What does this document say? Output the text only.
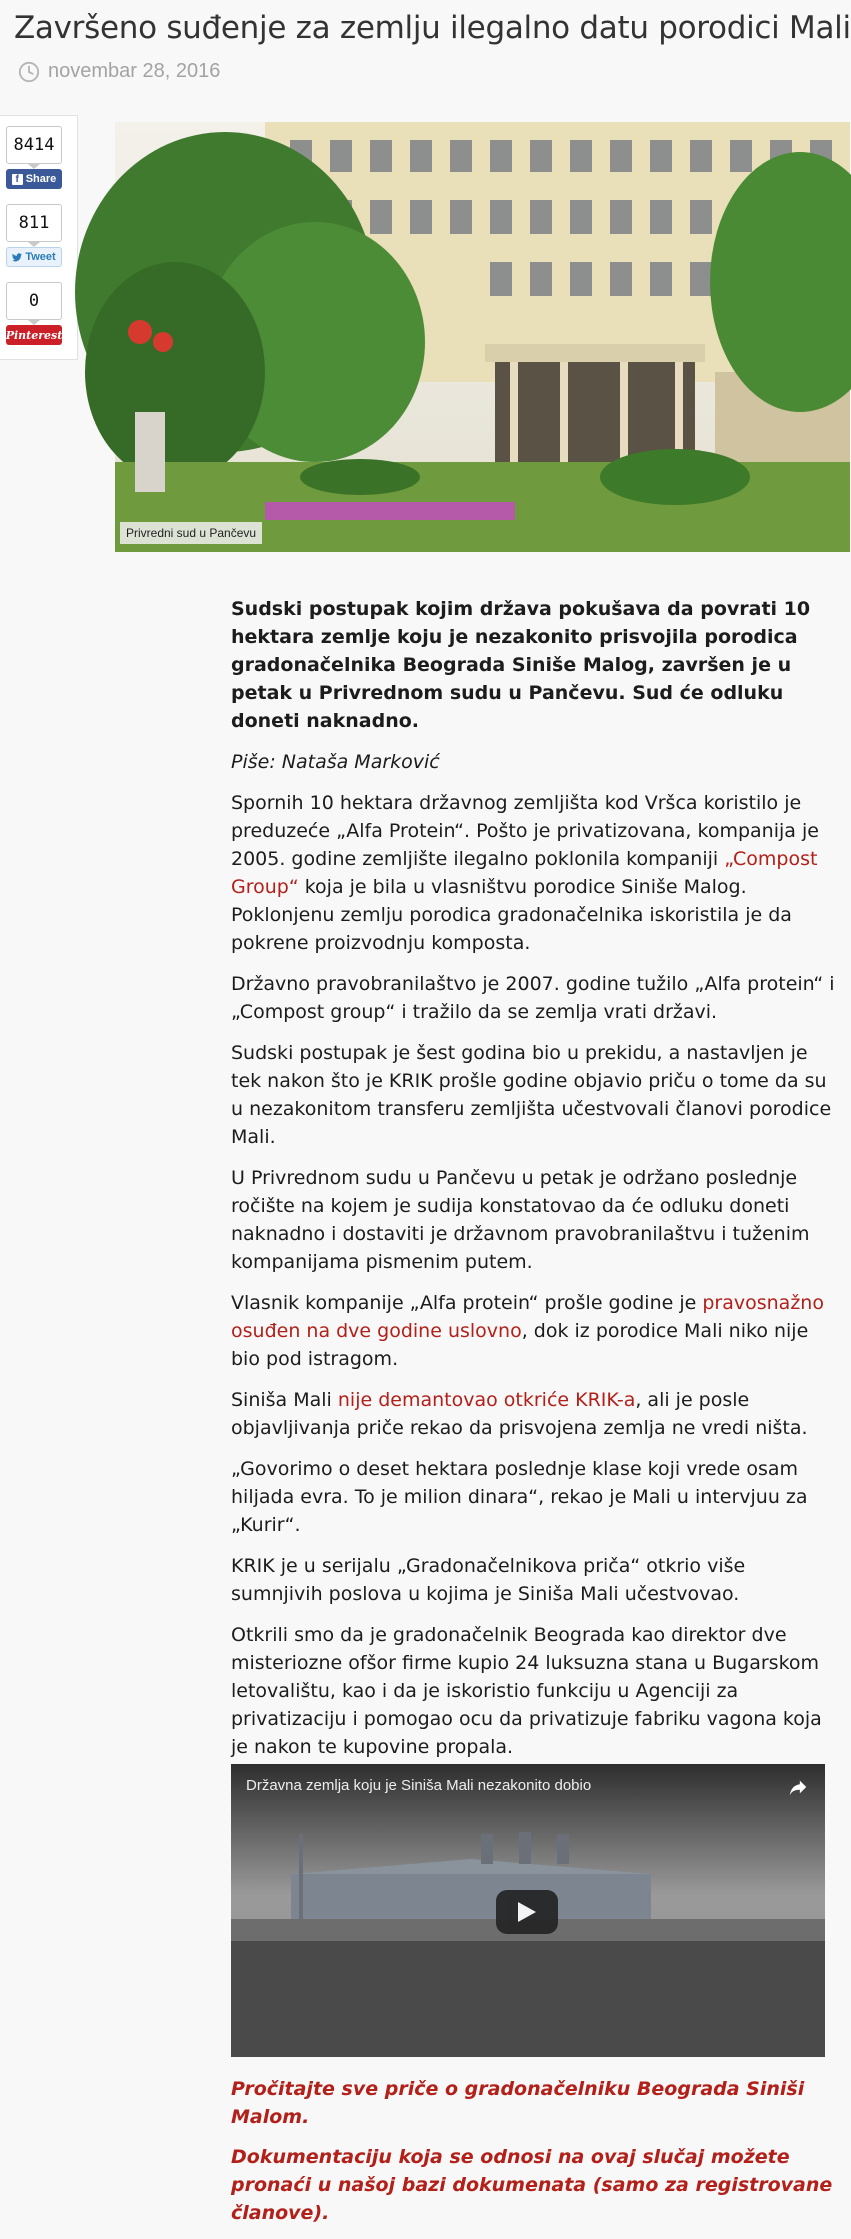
Završeno suđenje za zemlju ilegalno datu porodici Mali
novembar 28, 2016
8414
f Share
811
Tweet
0
Pinterest
Privredni sud u Pančevu

Sudski postupak kojim država pokušava da povrati 10 hektara zemlje koju je nezakonito prisvojila porodica gradonačelnika Beograda Siniše Malog, završen je u petak u Privrednom sudu u Pančevu. Sud će odluku doneti naknadno.

Piše: Nataša Marković

Spornih 10 hektara državnog zemljišta kod Vršca koristilo je preduzeće „Alfa Protein“. Pošto je privatizovana, kompanija je 2005. godine zemljište ilegalno poklonila kompaniji „Compost Group“ koja je bila u vlasništvu porodice Siniše Malog. Poklonjenu zemlju porodica gradonačelnika iskoristila je da pokrene proizvodnju komposta.

Državno pravobranilaštvo je 2007. godine tužilo „Alfa protein“ i „Compost group“ i tražilo da se zemlja vrati državi.

Sudski postupak je šest godina bio u prekidu, a nastavljen je tek nakon što je KRIK prošle godine objavio priču o tome da su u nezakonitom transferu zemljišta učestvovali članovi porodice Mali.

U Privrednom sudu u Pančevu u petak je održano poslednje ročište na kojem je sudija konstatovao da će odluku doneti naknadno i dostaviti je državnom pravobranilaštvu i tuženim kompanijama pismenim putem.

Vlasnik kompanije „Alfa protein“ prošle godine je pravosnažno osuđen na dve godine uslovno, dok iz porodice Mali niko nije bio pod istragom.

Siniša Mali nije demantovao otkriće KRIK-a, ali je posle objavljivanja priče rekao da prisvojena zemlja ne vredi ništa.

„Govorimo o deset hektara poslednje klase koji vrede osam hiljada evra. To je milion dinara“, rekao je Mali u intervjuu za „Kurir“.

KRIK je u serijalu „Gradonačelnikova priča“ otkrio više sumnjivih poslova u kojima je Siniša Mali učestvovao.

Otkrili smo da je gradonačelnik Beograda kao direktor dve misteriozne ofšor firme kupio 24 luksuzna stana u Bugarskom letovalištu, kao i da je iskoristio funkciju u Agenciji za privatizaciju i pomogao ocu da privatizuje fabriku vagona koja je nakon te kupovine propala.

Državna zemlja koju je Siniša Mali nezakonito dobio

Pročitajte sve priče o gradonačelniku Beograda Siniši Malom.

Dokumentaciju koja se odnosi na ovaj slučaj možete pronaći u našoj bazi dokumenata (samo za registrovane članove).
